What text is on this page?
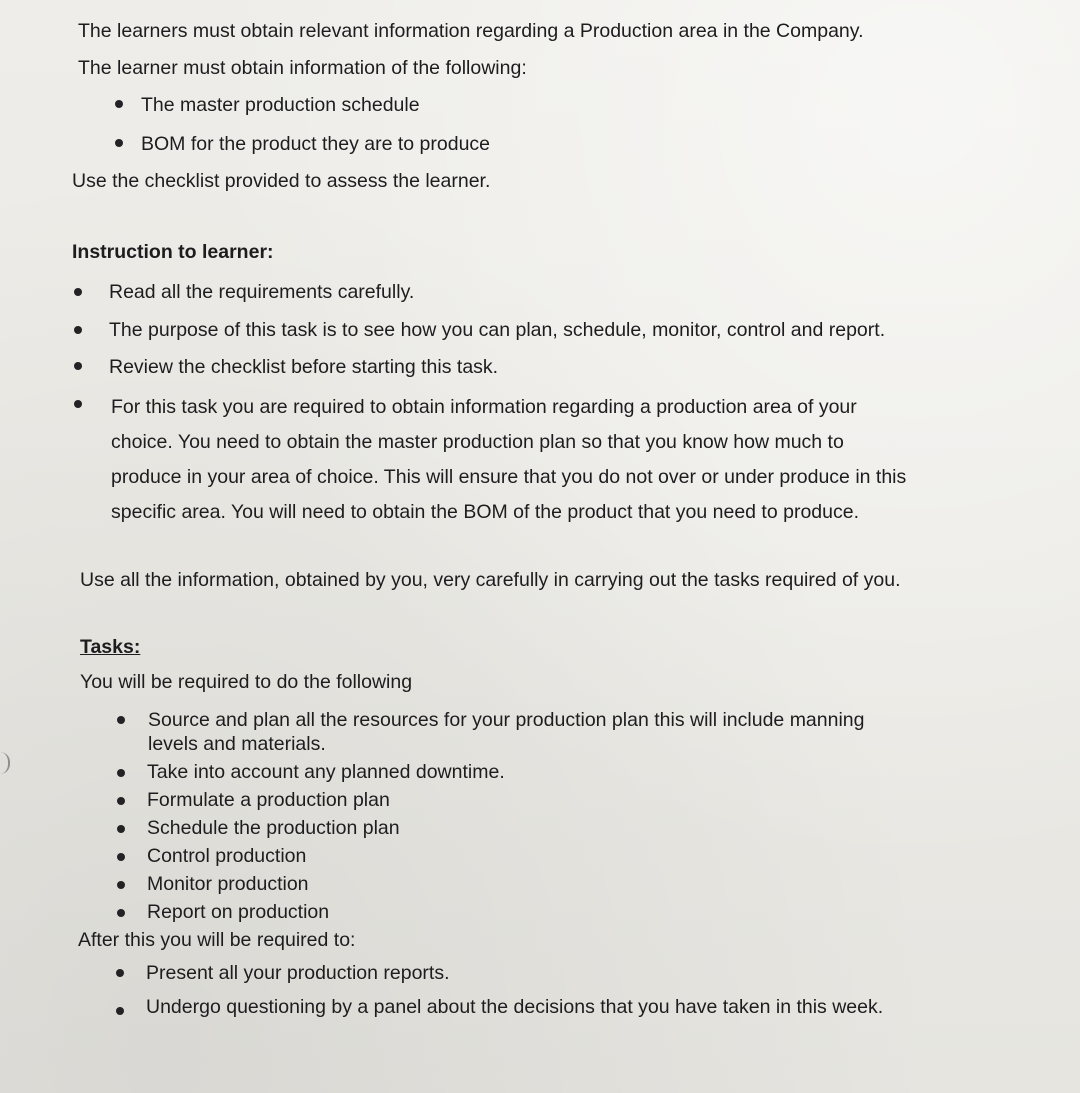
The learners must obtain relevant information regarding a Production area in the Company.
The learner must obtain information of the following:
The master production schedule
BOM for the product they are to produce
Use the checklist provided to assess the learner.
Instruction to learner:
Read all the requirements carefully.
The purpose of this task is to see how you can plan, schedule, monitor, control and report.
Review the checklist before starting this task.
For this task you are required to obtain information regarding a production area of your
choice. You need to obtain the master production plan so that you know how much to
produce in your area of choice. This will ensure that you do not over or under produce in this
specific area. You will need to obtain the BOM of the product that you need to produce.
Use all the information, obtained by you, very carefully in carrying out the tasks required of you.
Tasks:
You will be required to do the following
Source and plan all the resources for your production plan this will include manning
levels and materials.
Take into account any planned downtime.
Formulate a production plan
Schedule the production plan
Control production
Monitor production
Report on production
After this you will be required to:
Present all your production reports.
Undergo questioning by a panel about the decisions that you have taken in this week.
